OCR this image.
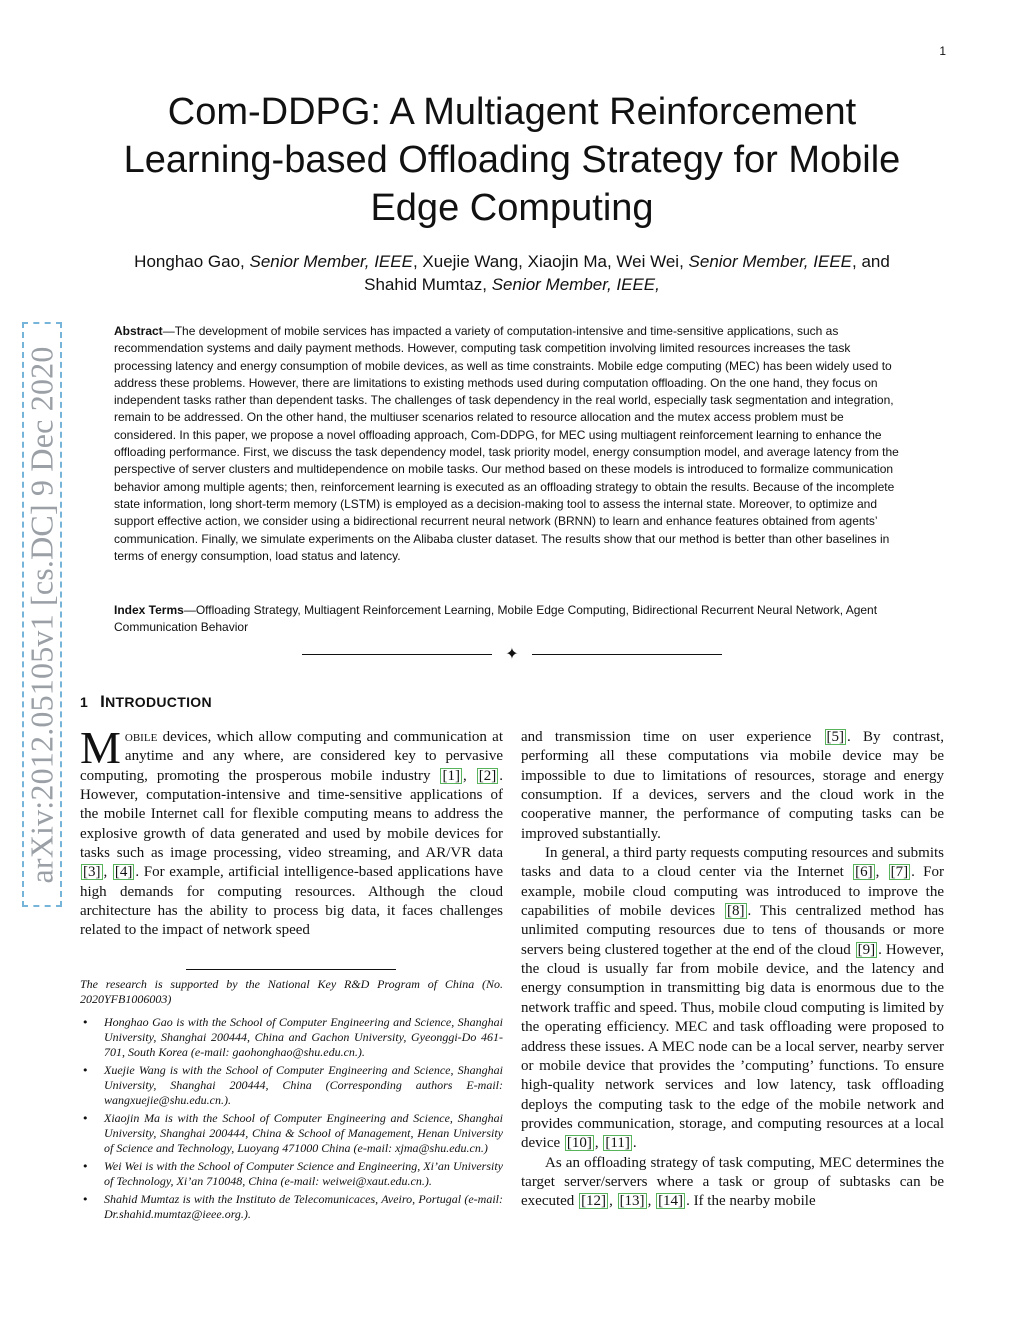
1
arXiv:2012.05105v1 [cs.DC] 9 Dec 2020
Com-DDPG: A Multiagent Reinforcement Learning-based Offloading Strategy for Mobile Edge Computing
Honghao Gao, Senior Member, IEEE, Xuejie Wang, Xiaojin Ma, Wei Wei, Senior Member, IEEE, and
Shahid Mumtaz, Senior Member, IEEE,

Abstract—The development of mobile services has impacted a variety of computation-intensive and time-sensitive applications, such as recommendation systems and daily payment methods. However, computing task competition involving limited resources increases the task processing latency and energy consumption of mobile devices, as well as time constraints. Mobile edge computing (MEC) has been widely used to address these problems. However, there are limitations to existing methods used during computation offloading. On the one hand, they focus on independent tasks rather than dependent tasks. The challenges of task dependency in the real world, especially task segmentation and integration, remain to be addressed. On the other hand, the multiuser scenarios related to resource allocation and the mutex access problem must be considered. In this paper, we propose a novel offloading approach, Com-DDPG, for MEC using multiagent reinforcement learning to enhance the offloading performance. First, we discuss the task dependency model, task priority model, energy consumption model, and average latency from the perspective of server clusters and multidependence on mobile tasks. Our method based on these models is introduced to formalize communication behavior among multiple agents; then, reinforcement learning is executed as an offloading strategy to obtain the results. Because of the incomplete state information, long short-term memory (LSTM) is employed as a decision-making tool to assess the internal state. Moreover, to optimize and support effective action, we consider using a bidirectional recurrent neural network (BRNN) to learn and enhance features obtained from agents’ communication. Finally, we simulate experiments on the Alibaba cluster dataset. The results show that our method is better than other baselines in terms of energy consumption, load status and latency.

Index Terms—Offloading Strategy, Multiagent Reinforcement Learning, Mobile Edge Computing, Bidirectional Recurrent Neural Network, Agent Communication Behavior

✦
1 INTRODUCTION

Mobile devices, which allow computing and communication at anytime and any where, are considered key to pervasive computing, promoting the prosperous mobile industry [1] , [2] . However, computation-intensive and time-sensitive applications of the mobile Internet call for flexible computing means to address the explosive growth of data generated and used by mobile devices for tasks such as image processing, video streaming, and AR/VR data [3] , [4] . For example, artificial intelligence-based applications have high demands for computing resources. Although the cloud architecture has the ability to process big data, it faces challenges related to the impact of network speed

The research is supported by the National Key R&D Program of China (No. 2020YFB1006003)

• Honghao Gao is with the School of Computer Engineering and Science, Shanghai University, Shanghai 200444, China and Gachon University, Gyeonggi-Do 461-701, South Korea (e-mail: gaohonghao@shu.edu.cn.).
• Xuejie Wang is with the School of Computer Engineering and Science, Shanghai University, Shanghai 200444, China (Corresponding authors E-mail: wangxuejie@shu.edu.cn.).
• Xiaojin Ma is with the School of Computer Engineering and Science, Shanghai University, Shanghai 200444, China & School of Management, Henan University of Science and Technology, Luoyang 471000 China (e-mail: xjma@shu.edu.cn.)
• Wei Wei is with the School of Computer Science and Engineering, Xi’an University of Technology, Xi’an 710048, China (e-mail: weiwei@xaut.edu.cn.).
• Shahid Mumtaz is with the Instituto de Telecomunicaces, Aveiro, Portugal (e-mail: Dr.shahid.mumtaz@ieee.org.).

and transmission time on user experience [5] . By contrast, performing all these computations via mobile device may be impossible to due to limitations of resources, storage and energy consumption. If a devices, servers and the cloud work in the cooperative manner, the performance of computing tasks can be improved substantially.

In general, a third party requests computing resources and submits tasks and data to a cloud center via the Internet [6] , [7] . For example, mobile cloud computing was introduced to improve the capabilities of mobile devices [8] . This centralized method has unlimited computing resources due to tens of thousands or more servers being clustered together at the end of the cloud [9] . However, the cloud is usually far from mobile device, and the latency and energy consumption in transmitting big data is enormous due to the network traffic and speed. Thus, mobile cloud computing is limited by the operating efficiency. MEC and task offloading were proposed to address these issues. A MEC node can be a local server, nearby server or mobile device that provides the ’computing’ functions. To ensure high-quality network services and low latency, task offloading deploys the computing task to the edge of the mobile network and provides communication, storage, and computing resources at a local device [10] , [11] .

As an offloading strategy of task computing, MEC determines the target server/servers where a task or group of subtasks can be executed [12] , [13] , [14] . If the nearby mobile
